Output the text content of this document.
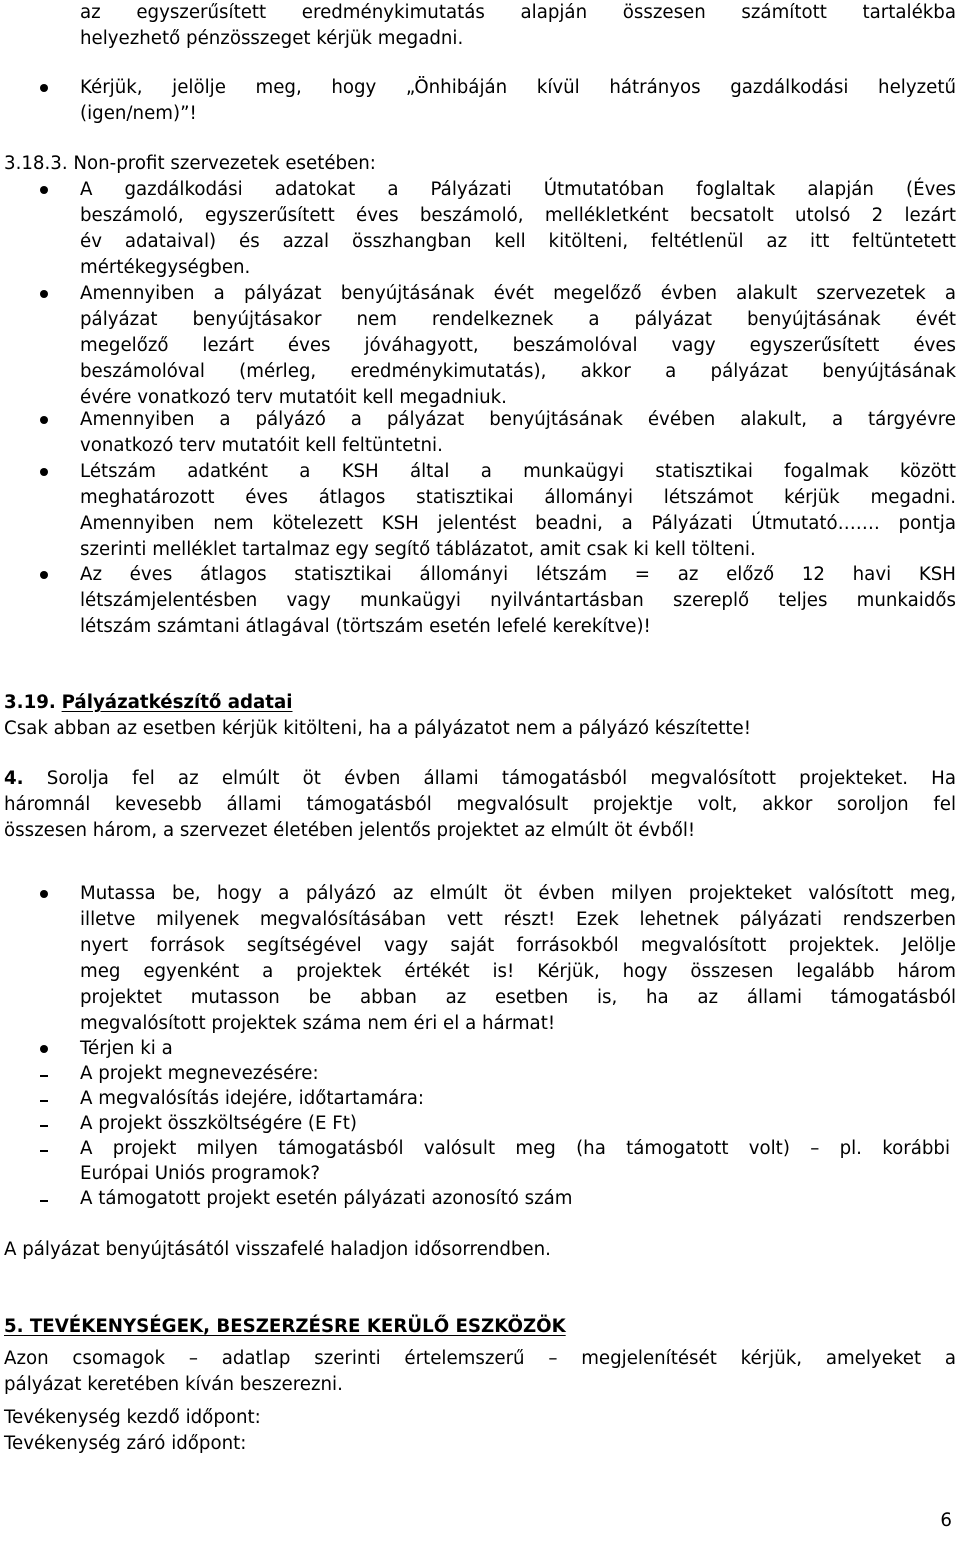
az egyszerűsített eredménykimutatás alapján összesen számított tartalékba
helyezhető pénzösszeget kérjük megadni.
Kérjük, jelölje meg, hogy „Önhibáján kívül hátrányos gazdálkodási helyzetű
(igen/nem)”!
3.18.3. Non-profit szervezetek esetében:
A gazdálkodási adatokat a Pályázati Útmutatóban foglaltak alapján (Éves
beszámoló, egyszerűsített éves beszámoló, mellékletként becsatolt utolsó 2 lezárt
év adataival) és azzal összhangban kell kitölteni, feltétlenül az itt feltüntetett
mértékegységben.
Amennyiben a pályázat benyújtásának évét megelőző évben alakult szervezetek a
pályázat benyújtásakor nem rendelkeznek a pályázat benyújtásának évét
megelőző lezárt éves jóváhagyott, beszámolóval vagy egyszerűsített éves
beszámolóval (mérleg, eredménykimutatás), akkor a pályázat benyújtásának
évére vonatkozó terv mutatóit kell megadniuk.
Amennyiben a pályázó a pályázat benyújtásának évében alakult, a tárgyévre
vonatkozó terv mutatóit kell feltüntetni.
Létszám adatként a KSH által a munkaügyi statisztikai fogalmak között
meghatározott éves átlagos statisztikai állományi létszámot kérjük megadni.
Amennyiben nem kötelezett KSH jelentést beadni, a Pályázati Útmutató……. pontja
szerinti melléklet tartalmaz egy segítő táblázatot, amit csak ki kell tölteni.
Az éves átlagos statisztikai állományi létszám = az előző 12 havi KSH
létszámjelentésben vagy munkaügyi nyilvántartásban szereplő teljes munkaidős
létszám számtani átlagával (törtszám esetén lefelé kerekítve)!
3.19. Pályázatkészítő adatai
Csak abban az esetben kérjük kitölteni, ha a pályázatot nem a pályázó készítette!
4. Sorolja fel az elmúlt öt évben állami támogatásból megvalósított projekteket. Ha
háromnál kevesebb állami támogatásból megvalósult projektje volt, akkor soroljon fel
összesen három, a szervezet életében jelentős projektet az elmúlt öt évből!
Mutassa be, hogy a pályázó az elmúlt öt évben milyen projekteket valósított meg,
illetve milyenek megvalósításában vett részt! Ezek lehetnek pályázati rendszerben
nyert források segítségével vagy saját forrásokból megvalósított projektek. Jelölje
meg egyenként a projektek értékét is! Kérjük, hogy összesen legalább három
projektet mutasson be abban az esetben is, ha az állami támogatásból
megvalósított projektek száma nem éri el a hármat!
Térjen ki a
A projekt megnevezésére:
A megvalósítás idejére, időtartamára:
A projekt összköltségére (E Ft)
A projekt milyen támogatásból valósult meg (ha támogatott volt) – pl. korábbi
Európai Uniós programok?
A támogatott projekt esetén pályázati azonosító szám
A pályázat benyújtásától visszafelé haladjon idősorrendben.
5. TEVÉKENYSÉGEK, BESZERZÉSRE KERÜLŐ ESZKÖZÖK
Azon csomagok – adatlap szerinti értelemszerű – megjelenítését kérjük, amelyeket a
pályázat keretében kíván beszerezni.
Tevékenység kezdő időpont:
Tevékenység záró időpont:
6
